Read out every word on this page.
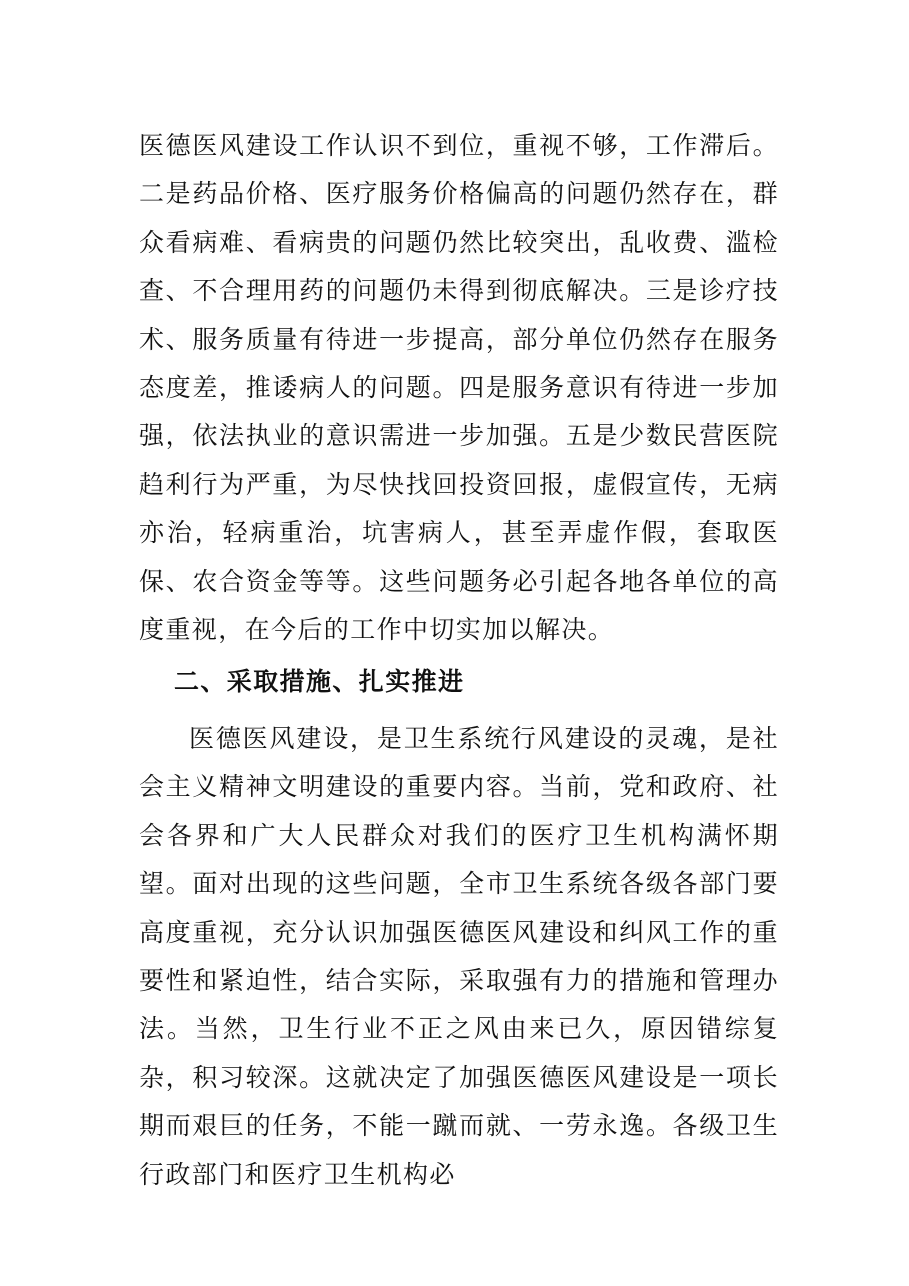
医德医风建设工作认识不到位，重视不够，工作滞后。二是药品价格、医疗服务价格偏高的问题仍然存在，群众看病难、看病贵的问题仍然比较突出，乱收费、滥检查、不合理用药的问题仍未得到彻底解决。三是诊疗技术、服务质量有待进一步提高，部分单位仍然存在服务态度差，推诿病人的问题。四是服务意识有待进一步加强，依法执业的意识需进一步加强。五是少数民营医院趋利行为严重，为尽快找回投资回报，虚假宣传，无病亦治，轻病重治，坑害病人，甚至弄虚作假，套取医保、农合资金等等。这些问题务必引起各地各单位的高度重视，在今后的工作中切实加以解决。

二、采取措施、扎实推进

医德医风建设，是卫生系统行风建设的灵魂，是社会主义精神文明建设的重要内容。当前，党和政府、社会各界和广大人民群众对我们的医疗卫生机构满怀期望。面对出现的这些问题，全市卫生系统各级各部门要高度重视，充分认识加强医德医风建设和纠风工作的重要性和紧迫性，结合实际，采取强有力的措施和管理办法。当然，卫生行业不正之风由来已久，原因错综复杂，积习较深。这就决定了加强医德医风建设是一项长期而艰巨的任务，不能一蹴而就、一劳永逸。各级卫生行政部门和医疗卫生机构必
